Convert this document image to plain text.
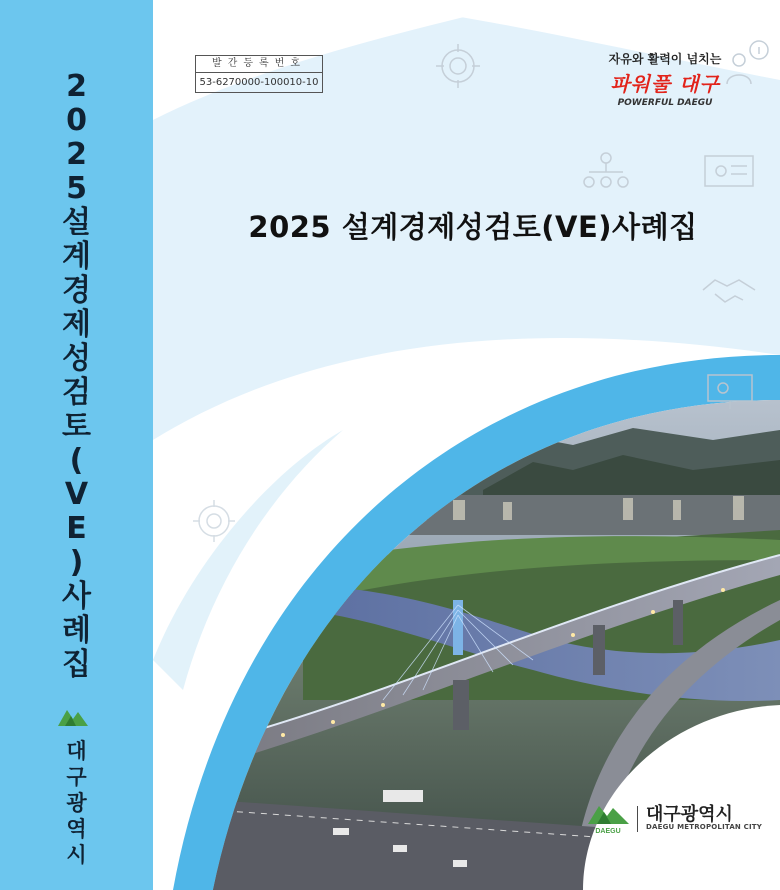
2
0
2
5
설
계
경
제
성
검
토
(
V
E
)
사
례
집
대
구
광
역
시
발간등록번호
53-6270000-100010-10
자유와 활력이 넘치는
파워풀 대구
POWERFUL DAEGU
2025 설계경제성검토(VE)사례집
DAEGU
대구광역시
DAEGU METROPOLITAN CITY
